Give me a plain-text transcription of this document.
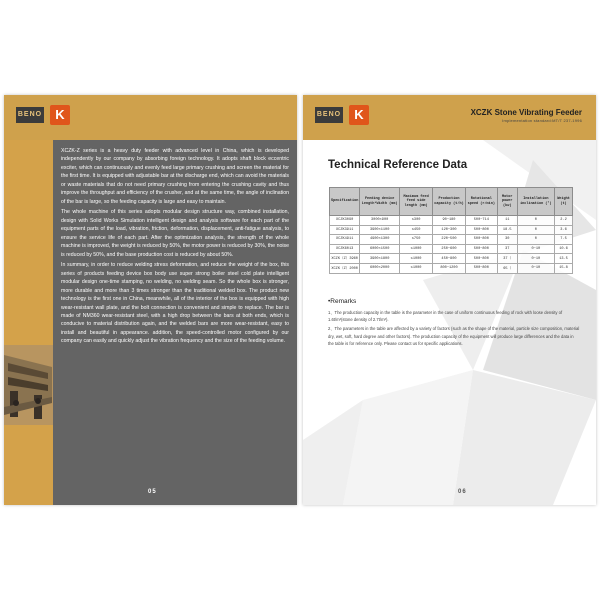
BENO	K

XCZK-Z series is a heavy duty feeder with advanced level in China, which is developed independently by our company by absorbing foreign technology. It adopts shaft block eccentric exciter, which can continuously and evenly feed large primary crushing and screen the material for the first time. It is equipped with adjustable bar at the discharge end, which can avoid the materials or waste materials that do not need primary crushing from entering the crushing cavity and thus improve the throughput and efficiency of the crusher, and at the same time, the angle of inclination of the bar is large, so the feeding capacity is large and easy to maintain.

The whole machine of this series adopts modular design structure way, combined installation, design with Solid Works Simulation intelligent design and analysis software for each part of the equipment parts of the load, vibration, friction, deformation, displacement, anti-fatigue analysis, to ensure the service life of each part. After the optimization analysis, the strength of the whole machine is improved, the weight is reduced by 50%, the motor power is reduced by 30%, the noise is reduced by 50%, and the base production cost is reduced by about 50%.

In summary, in order to reduce welding stress deformation, and reduce the weight of the box, this series of products feeding device box body use super strong boiler steel cold plate intelligent modular design one-time stamping, no welding, no welding seam. So the whole box is stronger, more durable and more than 3 times stronger than the traditional welded box. The product new technology is the first one in China, meanwhile, all of the interior of the box is equipped with high wear-resistant wall plate, and the bolt connection is convenient and simple to replace. The bar is made of NM360 wear-resistant steel, with a high drop between the bars at both ends, which is conducive to material distribution again, and the welded bars are more wear-resistant, easy to install and beautiful in appearance. addition, the speed-controlled motor configured by our company can easily and quickly adjust the vibration frequency and the size of the feeding volume.

05
BENO	K	XCZK Stone Vibrating Feeder
Implementation standard:MT/T 237-1996
Technical Reference Data
Specification	Feeding device Length*Width (mm)	Maximum feed feed side length (mm)	Production capacity (t/h)	Rotational speed (r/min)	Motor power (kw)	Installation inclination (°)	Weight (t)
XCZK3090	3000×900	≤300	90~180	500~714	11	0	2.2
XCZK3911	3900×1100	≤450	120~300	500~800	18.5	0	3.6
XCZK4911	4900×1300	≤750	220~500	500~800	30	0	7.5
XCZK6013	6000×1500	≤1000	250~600	500~800	37	0~10	10.6
XCZK（Z）3960	3900×1800	≤1000	450~800	500~800	37（	0~10	13.5
XCZK（Z）2000	6000×2000	≤1000	800~1200	500~800	65（	0~10	15.8
•Remarks

1、The production capacity in the table is the parameter in the case of uniform continuous feeding of rock with loose density of 1.6t/m³(stone density of 2.7t/m³).

2、The parameters in the table are affected by a variety of factors (such as the shape of the material, particle size composition, material dry, wet, soft, hard degree and other factors). The production capacity of the equipment will produce large differences and the data in the table is for reference only. Please contact us for specific applications.

06
